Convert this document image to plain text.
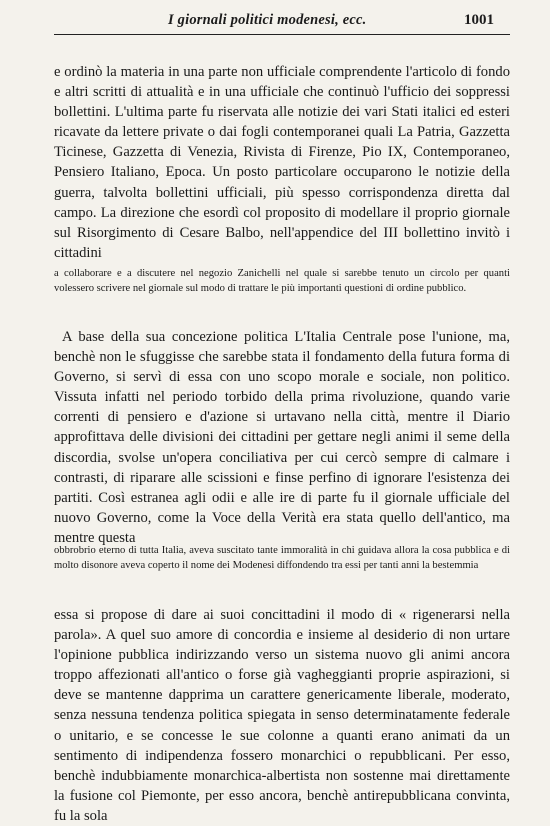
I giornali politici modenesi, ecc.	1001

e ordinò la materia in una parte non ufficiale comprendente l'articolo di fondo e altri scritti di attualità e in una ufficiale che continuò l'ufficio dei soppressi bollettini. L'ultima parte fu riservata alle notizie dei vari Stati italici ed esteri ricavate da lettere private o dai fogli contemporanei quali La Patria, Gazzetta Ticinese, Gazzetta di Venezia, Rivista di Firenze, Pio IX, Contemporaneo, Pensiero Italiano, Epoca. Un posto particolare occuparono le notizie della guerra, talvolta bollettini ufficiali, più spesso corrispondenza diretta dal campo. La direzione che esordì col proposito di modellare il proprio giornale sul Risorgimento di Cesare Balbo, nell'appendice del III bollettino invitò i cittadini

a collaborare e a discutere nel negozio Zanichelli nel quale si sarebbe tenuto un circolo per quanti volessero scrivere nel giornale sul modo di trattare le più importanti questioni di ordine pubblico.

A base della sua concezione politica L'Italia Centrale pose l'unione, ma, benchè non le sfuggisse che sarebbe stata il fondamento della futura forma di Governo, si servì di essa con uno scopo morale e sociale, non politico. Vissuta infatti nel periodo torbido della prima rivoluzione, quando varie correnti di pensiero e d'azione si urtavano nella città, mentre il Diario approfittava delle divisioni dei cittadini per gettare negli animi il seme della discordia, svolse un'opera conciliativa per cui cercò sempre di calmare i contrasti, di riparare alle scissioni e finse perfino di ignorare l'esistenza dei partiti. Così estranea agli odii e alle ire di parte fu il giornale ufficiale del nuovo Governo, come la Voce della Verità era stata quello dell'antico, ma mentre questa

obbrobrio eterno di tutta Italia, aveva suscitato tante immoralità in chi guidava allora la cosa pubblica e di molto disonore aveva coperto il nome dei Modenesi diffondendo tra essi per tanti anni la bestemmia

essa si propose di dare ai suoi concittadini il modo di « rigenerarsi nella parola». A quel suo amore di concordia e insieme al desiderio di non urtare l'opinione pubblica indirizzando verso un sistema nuovo gli animi ancora troppo affezionati all'antico o forse già vagheggianti proprie aspirazioni, si deve se mantenne dapprima un carattere genericamente liberale, moderato, senza nessuna tendenza politica spiegata in senso determinatamente federale o unitario, e se concesse le sue colonne a quanti erano animati da un sentimento di indipendenza fossero monarchici o repubblicani. Per esso, benchè indubbiamente monarchica-albertista non sostenne mai direttamente la fusione col Piemonte, per esso ancora, benchè antirepubblicana convinta, fu la sola
